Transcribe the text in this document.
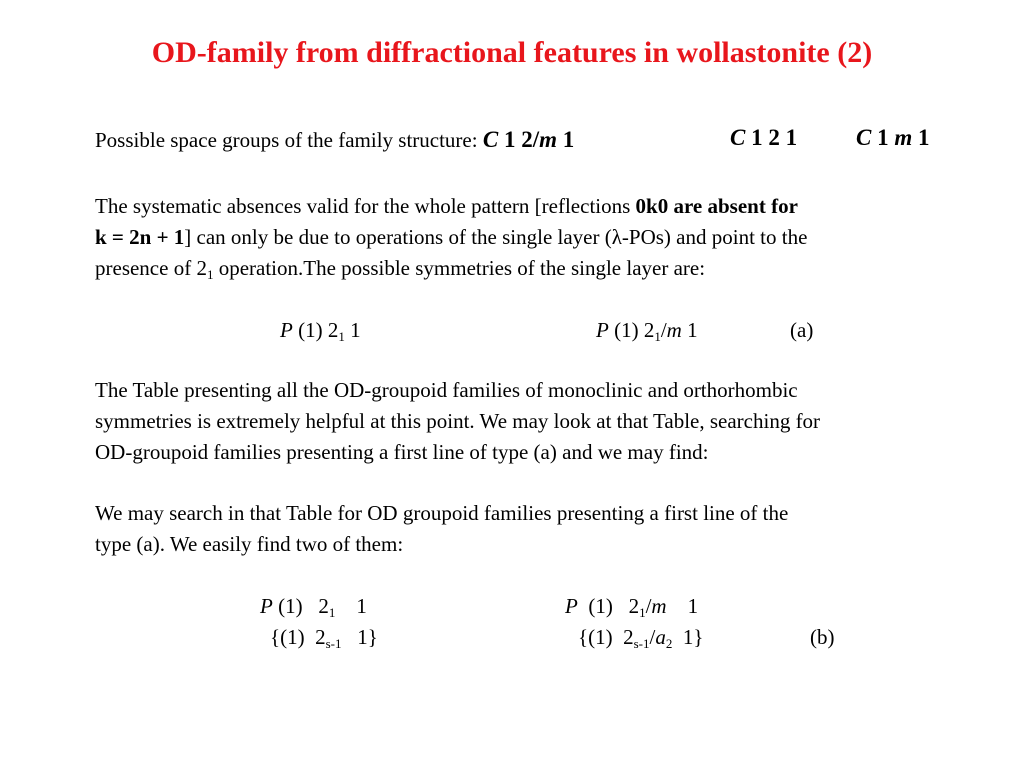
OD-family from diffractional features in wollastonite (2)
Possible space groups of the family structure: C 1 2/m 1	C 1 2 1	C 1 m 1
The systematic absences valid for the whole pattern [reflections 0k0 are absent for
k = 2n + 1] can only be due to operations of the single layer (λ-POs) and point to the
presence of $2_1$ operation.The possible symmetries of the single layer are:
P (1) $2_1$ 1	P (1) $2_1/m$ 1	(a)
The Table presenting all the OD-groupoid families of monoclinic and orthorhombic
symmetries is extremely helpful at this point. We may look at that Table, searching for
OD-groupoid families presenting a first line of type (a) and we may find:
We may search in that Table for OD groupoid families presenting a first line of the
type (a). We easily find two of them:
P (1)   $2_1$    1
{(1)  $2_{s-1}$   1}
P  (1)   $2_1/m$    1
{(1)  $2_{s-1}/a_2$  1}	(b)
